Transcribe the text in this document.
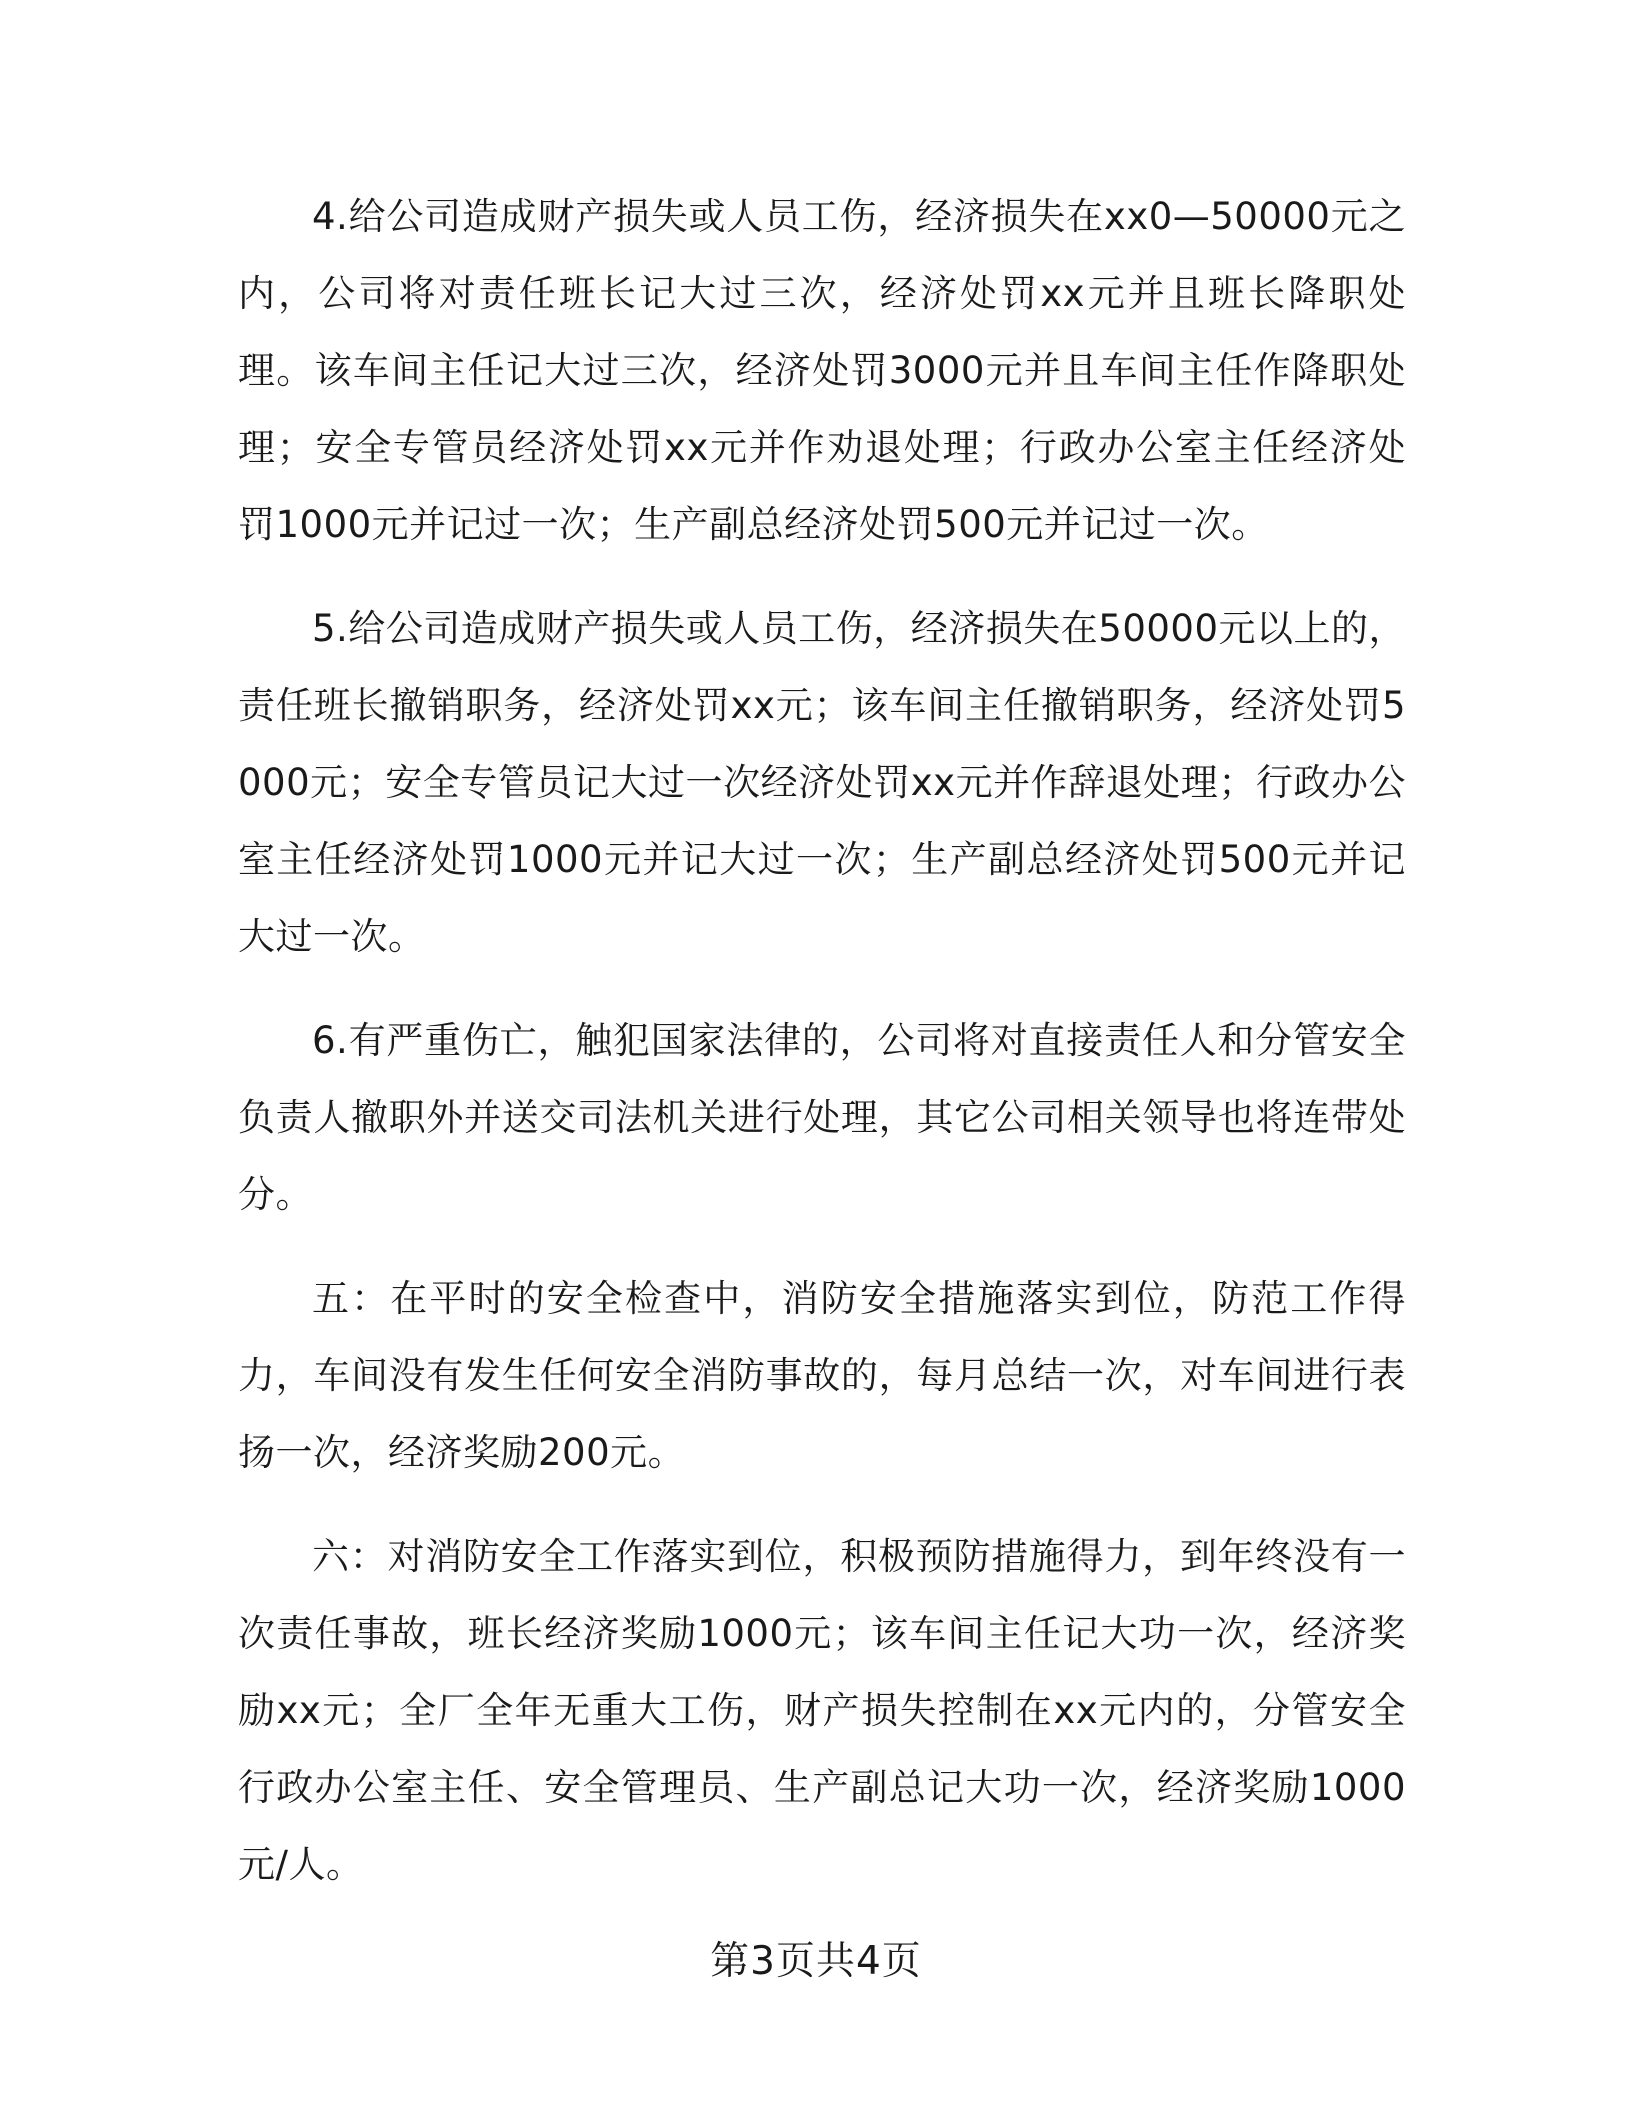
4.给公司造成财产损失或人员工伤，经济损失在xx0—50000元之内，公司将对责任班长记大过三次，经济处罚xx元并且班长降职处理。该车间主任记大过三次，经济处罚3000元并且车间主任作降职处理；安全专管员经济处罚xx元并作劝退处理；行政办公室主任经济处罚1000元并记过一次；生产副总经济处罚500元并记过一次。

5.给公司造成财产损失或人员工伤，经济损失在50000元以上的，责任班长撤销职务，经济处罚xx元；该车间主任撤销职务，经济处罚5000元；安全专管员记大过一次经济处罚xx元并作辞退处理；行政办公室主任经济处罚1000元并记大过一次；生产副总经济处罚500元并记大过一次。

6.有严重伤亡，触犯国家法律的，公司将对直接责任人和分管安全负责人撤职外并送交司法机关进行处理，其它公司相关领导也将连带处分。

五：在平时的安全检查中，消防安全措施落实到位，防范工作得力，车间没有发生任何安全消防事故的，每月总结一次，对车间进行表扬一次，经济奖励200元。

六：对消防安全工作落实到位，积极预防措施得力，到年终没有一次责任事故，班长经济奖励1000元；该车间主任记大功一次，经济奖励xx元；全厂全年无重大工伤，财产损失控制在xx元内的，分管安全行政办公室主任、安全管理员、生产副总记大功一次，经济奖励1000元/人。

第3页共4页
